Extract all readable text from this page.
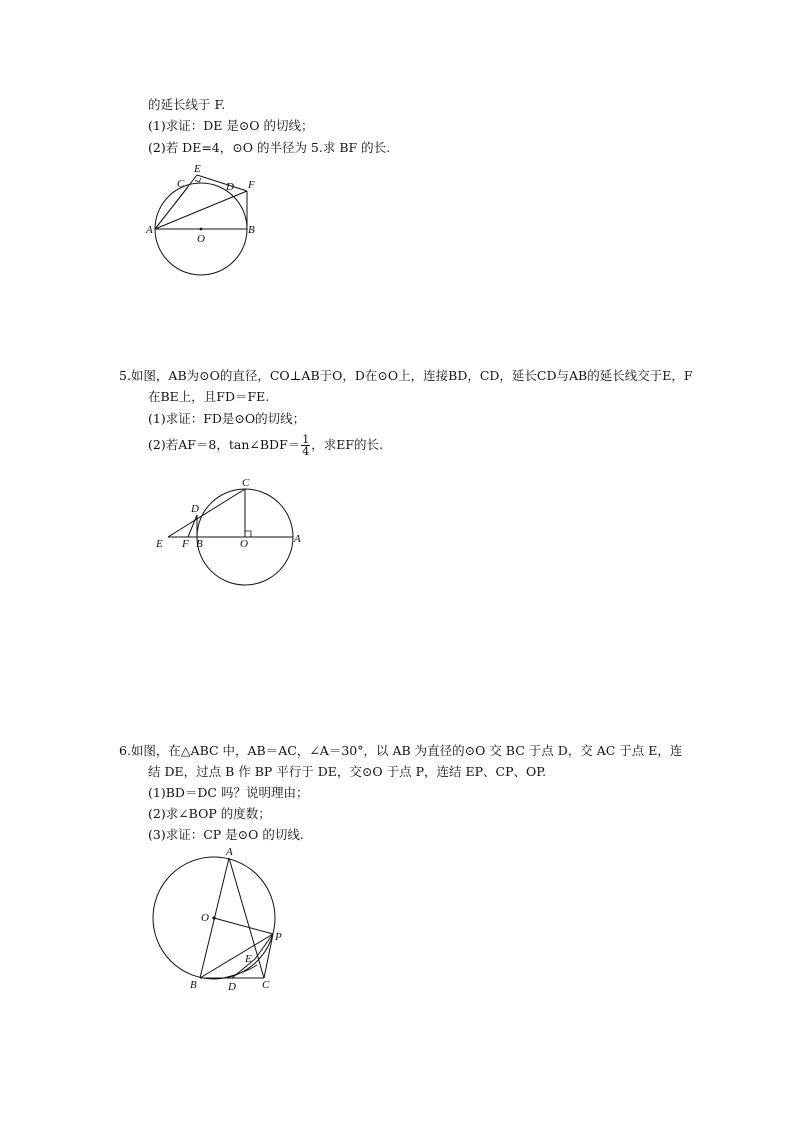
的延长线于 F.
(1)求证：DE 是⊙O 的切线；
(2)若 DE=4，⊙O 的半径为 5.求 BF 的长.
E
C	D F
A
O
B
5.如图，AB为⊙O的直径，CO⊥AB于O，D在⊙O上，连接BD，CD，延长CD与AB的延长线交于E，F
在BE上，且FD＝FE.
(1)求证：FD是⊙O的切线；
(2)若AF＝8，tan∠BDF＝ $\frac{1}{4}$ ，求EF的长.
C
D
E F B	O	A
6.如图，在△ABC 中，AB＝AC，∠A＝30°，以 AB 为直径的⊙O 交 BC 于点 D，交 AC 于点 E，连
结 DE，过点 B 作 BP 平行于 DE，交⊙O 于点 P，连结 EP、CP、OP.
(1)BD＝DC 吗？说明理由；
(2)求∠BOP 的度数；
(3)求证：CP 是⊙O 的切线.
A
O
P
E
B	D C
